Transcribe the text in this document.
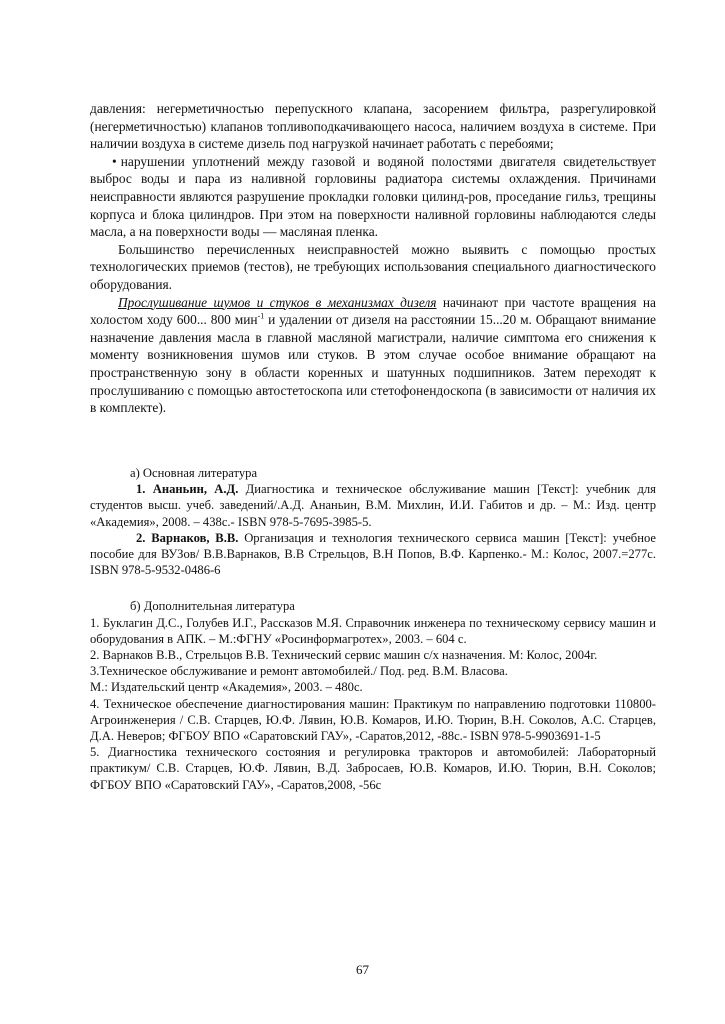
давления: негерметичностью перепускного клапана, засорением фильтра, разрегулировкой (негерметичностью) клапанов топливоподкачивающего насоса, наличием воздуха в системе. При наличии воздуха в системе дизель под нагрузкой начинает работать с перебоями;

• нарушении уплотнений между газовой и водяной полостями двигателя свидетельствует выброс воды и пара из наливной горловины радиатора системы охлаждения. Причинами неисправности являются разрушение прокладки головки цилинд-ров, проседание гильз, трещины корпуса и блока цилиндров. При этом на поверхности наливной горловины наблюдаются следы масла, а на поверхности воды — масляная пленка.

Большинство перечисленных неисправностей можно выявить с помощью простых технологических приемов (тестов), не требующих использования специального диагностического оборудования.

Прослушивание шумов и стуков в механизмах дизеля начинают при частоте вращения на холостом ходу 600... 800 мин$^{-1}$ и удалении от дизеля на расстоянии 15...20 м. Обращают внимание назначение давления масла в главной масляной магистрали, наличие симптома его снижения к моменту возникновения шумов или стуков. В этом случае особое внимание обращают на пространственную зону в области коренных и шатунных подшипников. Затем переходят к прослушиванию с помощью автостетоскопа или стетофонендоскопа (в зависимости от наличия их в комплекте).

а) Основная литература

1. Ананьин, А.Д. Диагностика и техническое обслуживание машин [Текст]: учебник для студентов высш. учеб. заведений/.А.Д. Ананьин, В.М. Михлин, И.И. Габитов и др. – М.: Изд. центр «Академия», 2008. – 438с.- ISBN 978-5-7695-3985-5.

2. Варнаков, В.В. Организация и технология технического сервиса машин [Текст]: учебное пособие для ВУЗов/ В.В.Варнаков, В.В Стрельцов, В.Н Попов, В.Ф. Карпенко.- М.: Колос, 2007.=277с. ISBN 978-5-9532-0486-6

б) Дополнительная литература

1. Буклагин Д.С., Голубев И.Г., Рассказов М.Я. Справочник инженера по техническому сервису машин и оборудования в АПК. – М.:ФГНУ «Росинформагротех», 2003. – 604 с.

2. Варнаков В.В., Стрельцов В.В. Технический сервис машин с/х назначения. М: Колос, 2004г.

3.Техническое обслуживание и ремонт автомобилей./ Под. ред. В.М. Власова.

М.: Издательский центр «Академия», 2003. – 480с.

4. Техническое обеспечение диагностирования машин: Практикум по направлению подготовки 110800- Агроинженерия / С.В. Старцев, Ю.Ф. Лявин, Ю.В. Комаров, И.Ю. Тюрин, В.Н. Соколов, А.С. Старцев, Д.А. Неверов; ФГБОУ ВПО «Саратовский ГАУ», -Саратов,2012, -88с.- ISBN 978-5-9903691-1-5

5. Диагностика технического состояния и регулировка тракторов и автомобилей: Лабораторный практикум/ С.В. Старцев, Ю.Ф. Лявин, В.Д. Забросаев, Ю.В. Комаров, И.Ю. Тюрин, В.Н. Соколов; ФГБОУ ВПО «Саратовский ГАУ», -Саратов,2008, -56с

67
